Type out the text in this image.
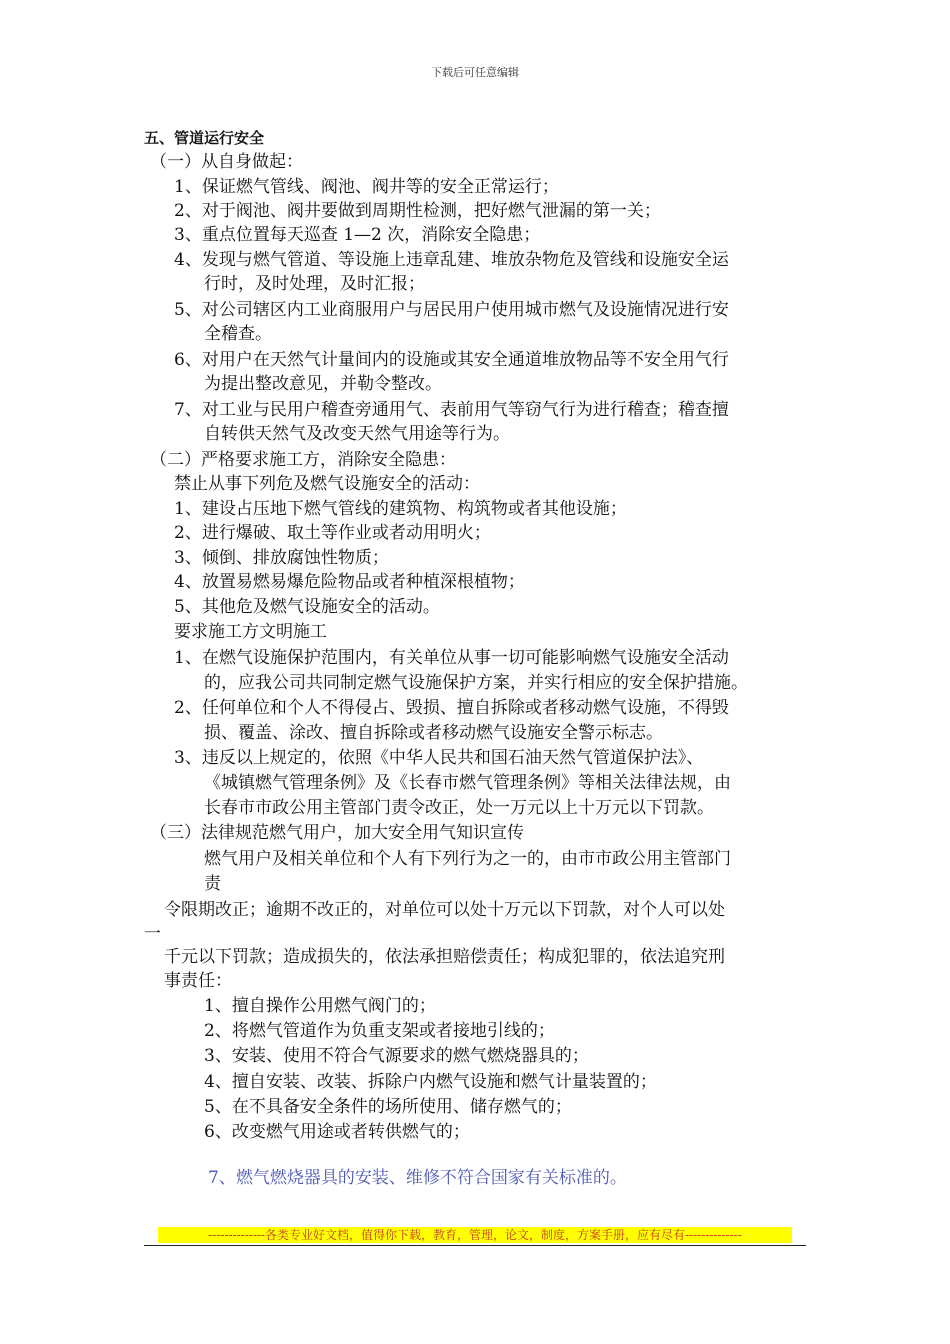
下载后可任意编辑
五、管道运行安全
（一）从自身做起：
1、保证燃气管线、阀池、阀井等的安全正常运行；
2、对于阀池、阀井要做到周期性检测，把好燃气泄漏的第一关；
3、重点位置每天巡查 1—2 次，消除安全隐患；
4、发现与燃气管道、等设施上违章乱建、堆放杂物危及管线和设施安全运
行时，及时处理，及时汇报；
5、对公司辖区内工业商服用户与居民用户使用城市燃气及设施情况进行安
全稽查。
6、对用户在天然气计量间内的设施或其安全通道堆放物品等不安全用气行
为提出整改意见，并勒令整改。
7、对工业与民用户稽查旁通用气、表前用气等窃气行为进行稽查；稽查擅
自转供天然气及改变天然气用途等行为。
（二）严格要求施工方，消除安全隐患：
禁止从事下列危及燃气设施安全的活动：
1、建设占压地下燃气管线的建筑物、构筑物或者其他设施；
2、进行爆破、取土等作业或者动用明火；
3、倾倒、排放腐蚀性物质；
4、放置易燃易爆危险物品或者种植深根植物；
5、其他危及燃气设施安全的活动。
要求施工方文明施工
1、在燃气设施保护范围内，有关单位从事一切可能影响燃气设施安全活动
的，应我公司共同制定燃气设施保护方案，并实行相应的安全保护措施。
2、任何单位和个人不得侵占、毁损、擅自拆除或者移动燃气设施，不得毁
损、覆盖、涂改、擅自拆除或者移动燃气设施安全警示标志。
3、违反以上规定的，依照《中华人民共和国石油天然气管道保护法》、
《城镇燃气管理条例》及《长春市燃气管理条例》等相关法律法规，由
长春市市政公用主管部门责令改正，处一万元以上十万元以下罚款。
（三）法律规范燃气用户，加大安全用气知识宣传
燃气用户及相关单位和个人有下列行为之一的，由市市政公用主管部门
责
令限期改正；逾期不改正的，对单位可以处十万元以下罚款，对个人可以处
一
千元以下罚款；造成损失的，依法承担赔偿责任；构成犯罪的，依法追究刑
事责任：
1、擅自操作公用燃气阀门的；
2、将燃气管道作为负重支架或者接地引线的；
3、安装、使用不符合气源要求的燃气燃烧器具的；
4、擅自安装、改装、拆除户内燃气设施和燃气计量装置的；
5、在不具备安全条件的场所使用、储存燃气的；
6、改变燃气用途或者转供燃气的；
7、燃气燃烧器具的安装、维修不符合国家有关标准的。
--------------各类专业好文档，值得你下载，教育，管理，论文，制度，方案手册，应有尽有--------------
